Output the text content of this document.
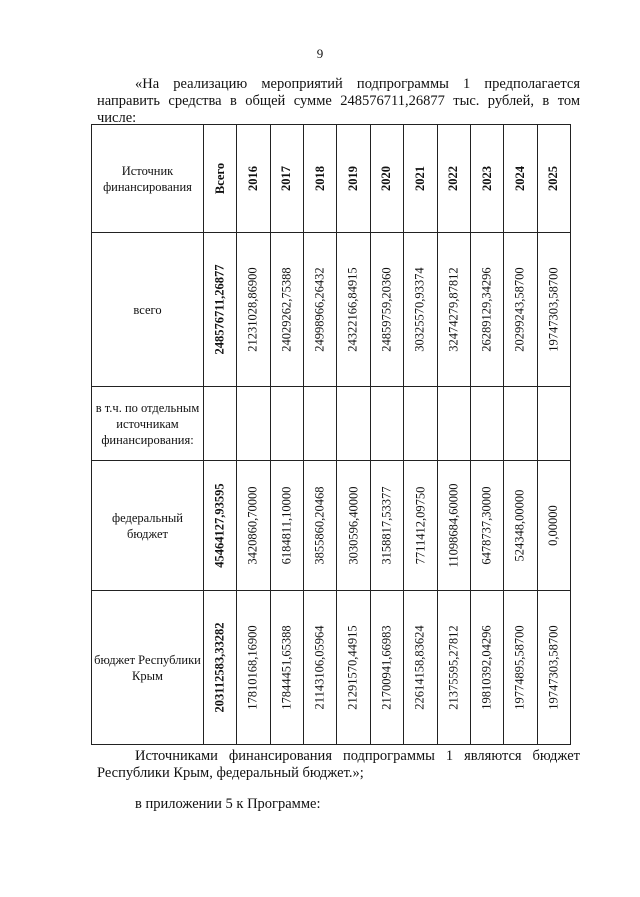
9
«На реализацию мероприятий подпрограммы 1 предполагается
направить средства в общей сумме 248576711,26877 тыс. рублей, в том
числе:
Источник финансирования	Всего	2016	2017	2018	2019	2020	2021	2022	2023	2024	2025

всего	248576711,26877	21231028,86900	24029262,75388	24998966,26432	24322166,84915	24859759,20360	30325570,93374	32474279,87812	26289129,34296	20299243,58700	19747303,58700

в т.ч. по отдельным источникам финансирования:	

федеральный бюджет	45464127,93595	3420860,70000	6184811,10000	3855860,20468	3030596,40000	3158817,53377	7711412,09750	11098684,60000	6478737,30000	524348,00000	0,00000

бюджет Республики Крым	203112583,33282	17810168,16900	17844451,65388	21143106,05964	21291570,44915	21700941,66983	22614158,83624	21375595,27812	19810392,04296	19774895,58700	19747303,58700
Источниками финансирования подпрограммы 1 являются бюджет
Республики Крым, федеральный бюджет.»;
в приложении 5 к Программе:
